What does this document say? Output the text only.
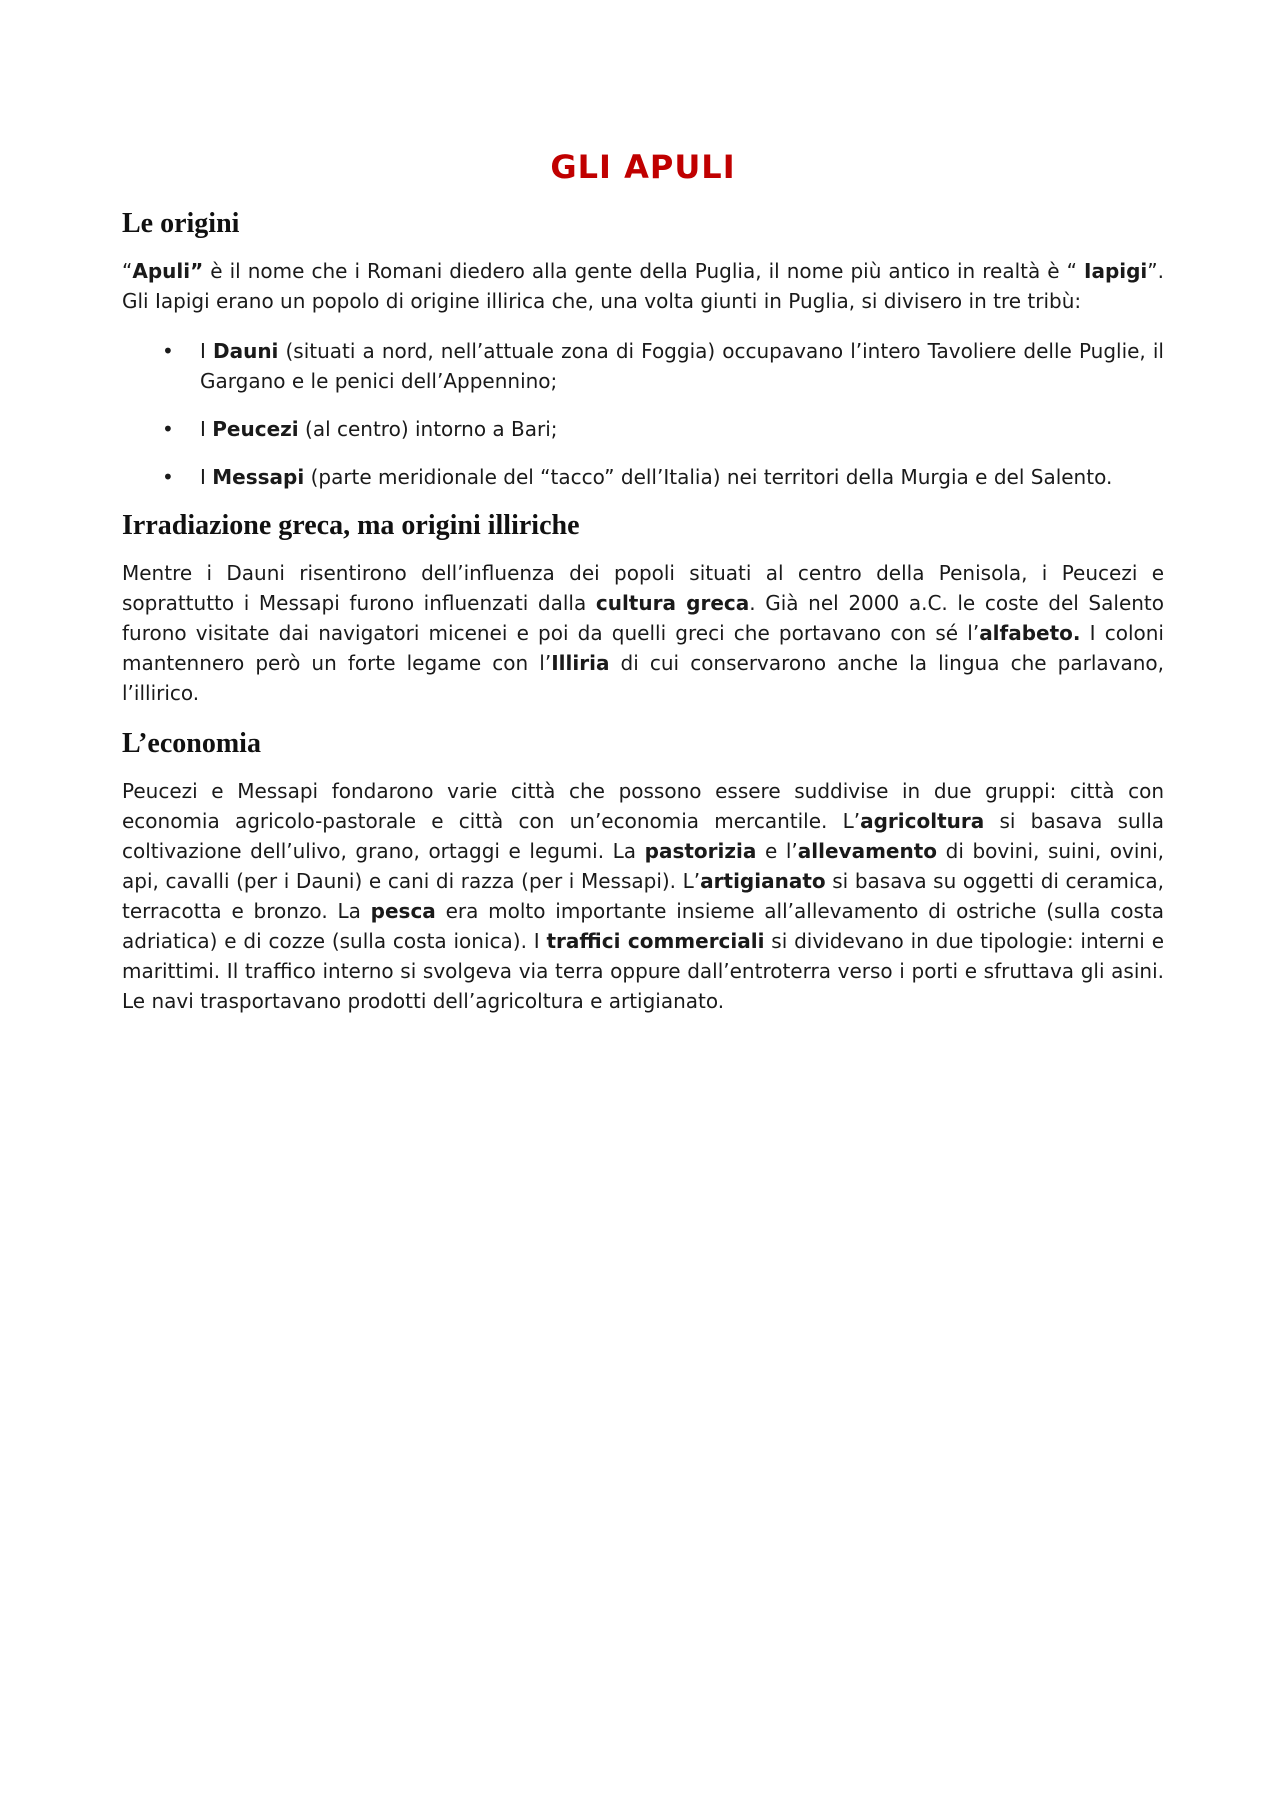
GLI APULI
Le origini

“Apuli” è il nome che i Romani diedero alla gente della Puglia, il nome più antico in realtà è “ Iapigi”. Gli Iapigi erano un popolo di origine illirica che, una volta giunti in Puglia, si divisero in tre tribù:

• I Dauni (situati a nord, nell’attuale zona di Foggia) occupavano l’intero Tavoliere delle Puglie, il Gargano e le penici dell’Appennino;
• I Peucezi (al centro) intorno a Bari;
• I Messapi (parte meridionale del “tacco” dell’Italia) nei territori della Murgia e del Salento.
Irradiazione greca, ma origini illiriche

Mentre i Dauni risentirono dell’influenza dei popoli situati al centro della Penisola, i Peucezi e soprattutto i Messapi furono influenzati dalla cultura greca. Già nel 2000 a.C. le coste del Salento furono visitate dai navigatori micenei e poi da quelli greci che portavano con sé l’alfabeto. I coloni mantennero però un forte legame con l’Illiria di cui conservarono anche la lingua che parlavano, l’illirico.

L’economia

Peucezi e Messapi fondarono varie città che possono essere suddivise in due gruppi: città con economia agricolo-pastorale e città con un’economia mercantile. L’agricoltura si basava sulla coltivazione dell’ulivo, grano, ortaggi e legumi. La pastorizia e l’allevamento di bovini, suini, ovini, api, cavalli (per i Dauni) e cani di razza (per i Messapi). L’artigianato si basava su oggetti di ceramica, terracotta e bronzo. La pesca era molto importante insieme all’allevamento di ostriche (sulla costa adriatica) e di cozze (sulla costa ionica). I traffici commerciali si dividevano in due tipologie: interni e marittimi. Il traffico interno si svolgeva via terra oppure dall’entroterra verso i porti e sfruttava gli asini. Le navi trasportavano prodotti dell’agricoltura e artigianato.
